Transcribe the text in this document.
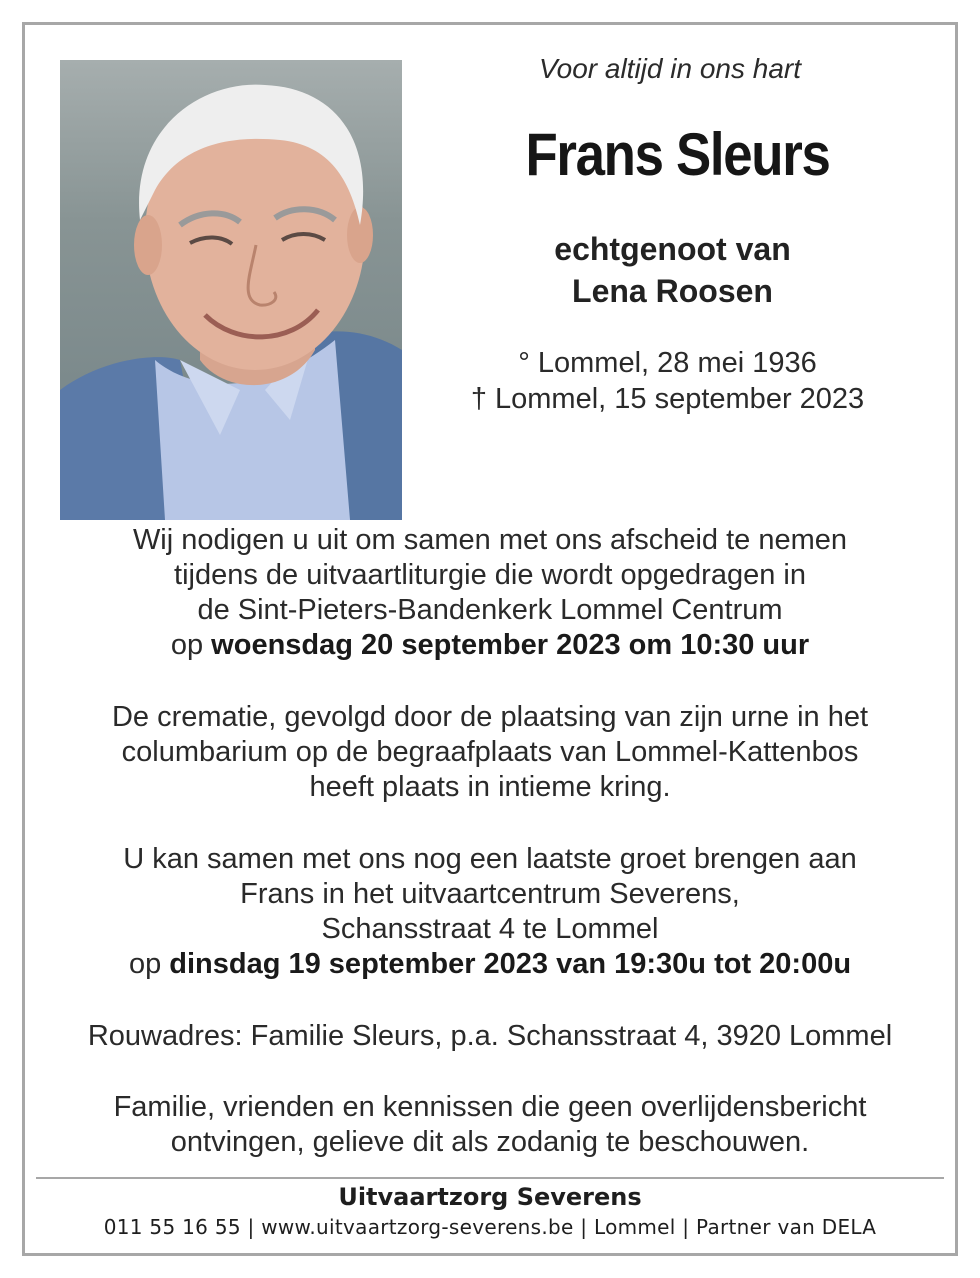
Voor altijd in ons hart
Frans Sleurs
echtgenoot van
Lena Roosen
° Lommel, 28 mei 1936
† Lommel, 15 september 2023
Wij nodigen u uit om samen met ons afscheid te nemen
tijdens de uitvaartliturgie die wordt opgedragen in
de Sint-Pieters-Bandenkerk Lommel Centrum
op woensdag 20 september 2023 om 10:30 uur
De crematie, gevolgd door de plaatsing van zijn urne in het
columbarium op de begraafplaats van Lommel-Kattenbos
heeft plaats in intieme kring.
U kan samen met ons nog een laatste groet brengen aan
Frans in het uitvaartcentrum Severens,
Schansstraat 4 te Lommel
op dinsdag 19 september 2023 van 19:30u tot 20:00u
Rouwadres: Familie Sleurs, p.a. Schansstraat 4, 3920 Lommel
Familie, vrienden en kennissen die geen overlijdensbericht
ontvingen, gelieve dit als zodanig te beschouwen.
Uitvaartzorg Severens
011 55 16 55 | www.uitvaartzorg-severens.be | Lommel | Partner van DELA
